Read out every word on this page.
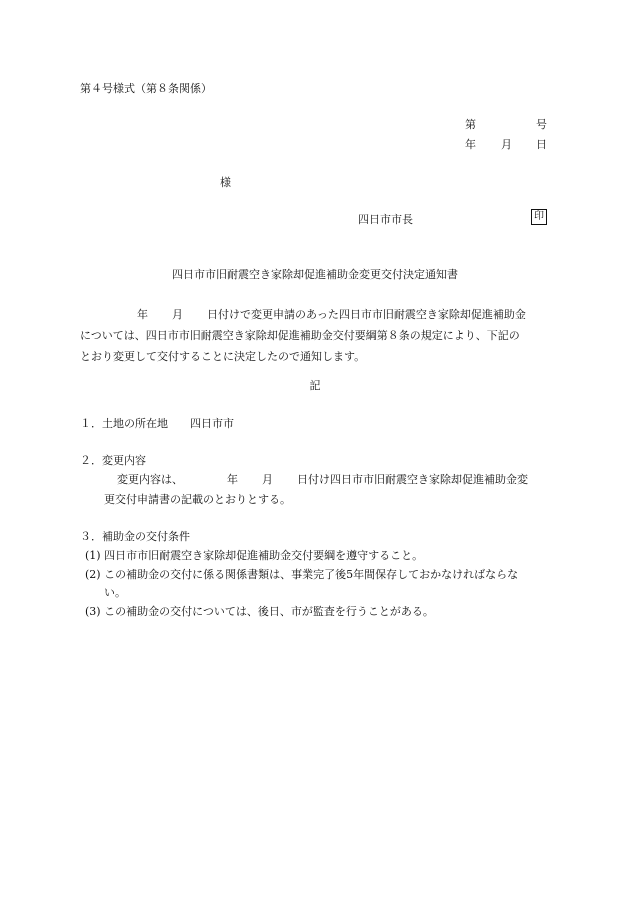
第４号様式（第８条関係）
第	号
年 月 日
様
四日市市長	印
四日市市旧耐震空き家除却促進補助金変更交付決定通知書
年 月 日付けで変更申請のあった四日市市旧耐震空き家除却促進補助金
については、四日市市旧耐震空き家除却促進補助金交付要綱第８条の規定により、下記の
とおり変更して交付することに決定したので通知します。
記
１．土地の所在地 四日市市
２．変更内容
変更内容は、	年 月 日付け四日市市旧耐震空き家除却促進補助金変
更交付申請書の記載のとおりとする。
３．補助金の交付条件
(1) 四日市市旧耐震空き家除却促進補助金交付要綱を遵守すること。
(2) この補助金の交付に係る関係書類は、事業完了後5年間保存しておかなければならな
い。
(3) この補助金の交付については、後日、市が監査を行うことがある。
